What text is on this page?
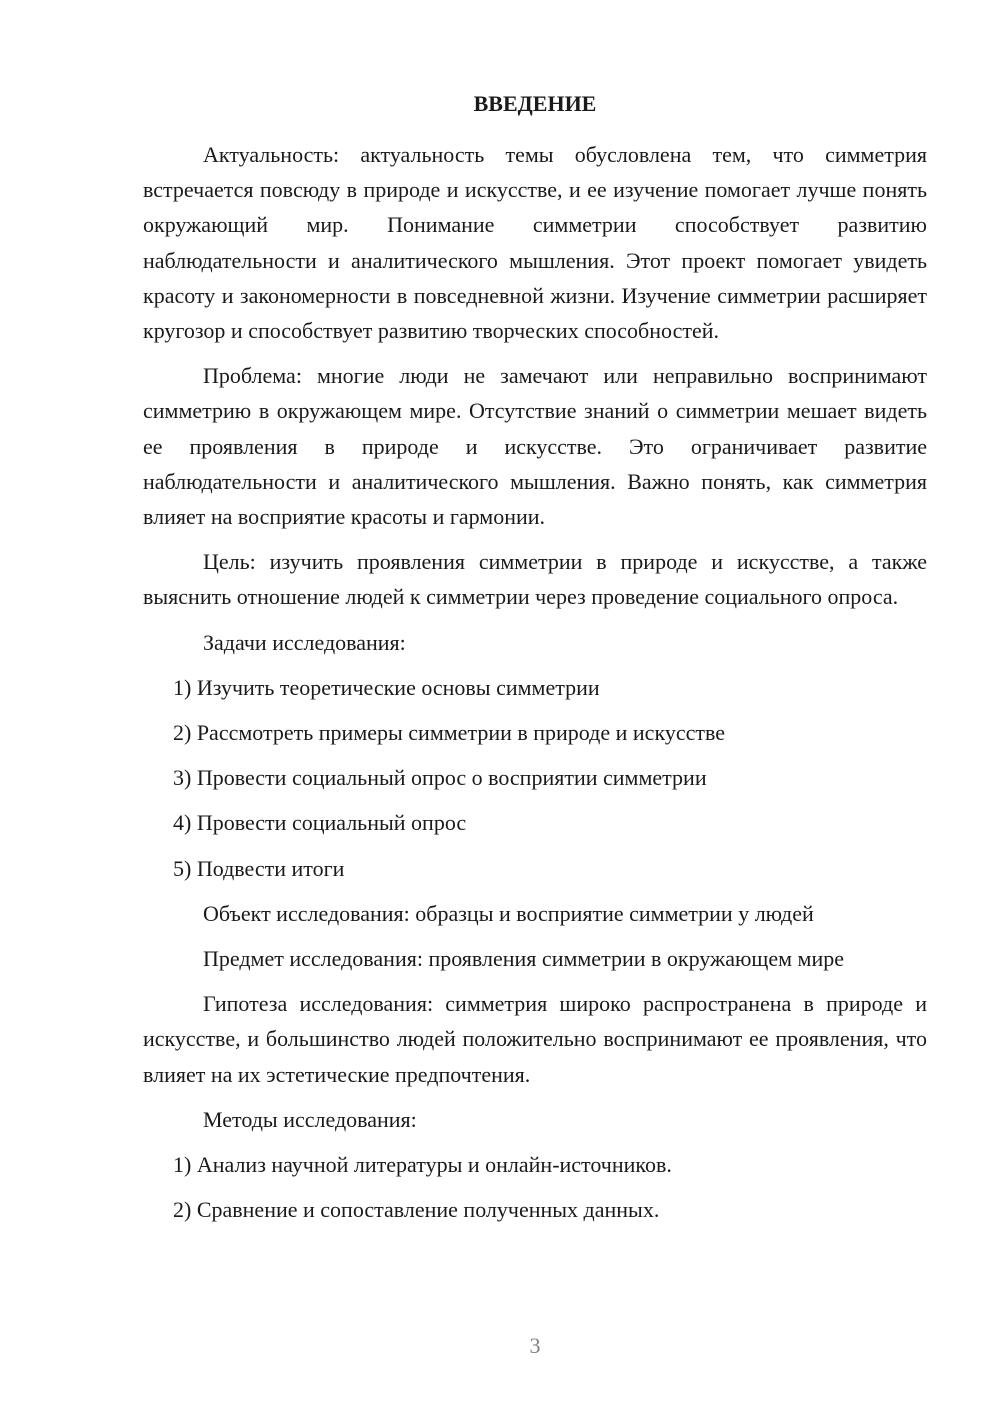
ВВЕДЕНИЕ

Актуальность: актуальность темы обусловлена тем, что симметрия встречается повсюду в природе и искусстве, и ее изучение помогает лучше понять окружающий мир. Понимание симметрии способствует развитию наблюдательности и аналитического мышления. Этот проект помогает увидеть красоту и закономерности в повседневной жизни. Изучение симметрии расширяет кругозор и способствует развитию творческих способностей.

Проблема: многие люди не замечают или неправильно воспринимают симметрию в окружающем мире. Отсутствие знаний о симметрии мешает видеть ее проявления в природе и искусстве. Это ограничивает развитие наблюдательности и аналитического мышления. Важно понять, как симметрия влияет на восприятие красоты и гармонии.

Цель: изучить проявления симметрии в природе и искусстве, а также выяснить отношение людей к симметрии через проведение социального опроса.

Задачи исследования:
1) Изучить теоретические основы симметрии
2) Рассмотреть примеры симметрии в природе и искусстве
3) Провести социальный опрос о восприятии симметрии
4) Провести социальный опрос
5) Подвести итоги
Объект исследования: образцы и восприятие симметрии у людей
Предмет исследования: проявления симметрии в окружающем мире

Гипотеза исследования: симметрия широко распространена в природе и искусстве, и большинство людей положительно воспринимают ее проявления, что влияет на их эстетические предпочтения.

Методы исследования:
1) Анализ научной литературы и онлайн-источников.
2) Сравнение и сопоставление полученных данных.
3
